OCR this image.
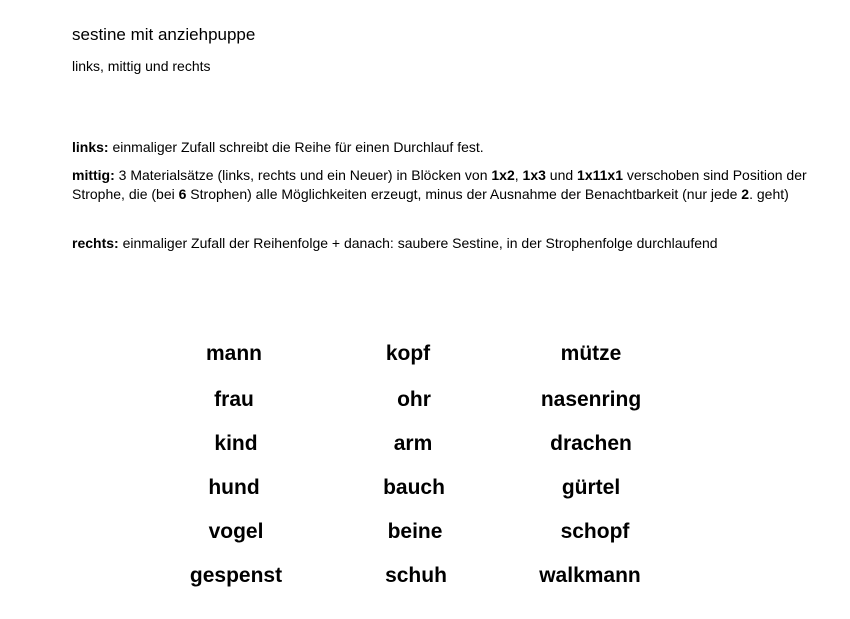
sestine mit anziehpuppe
links, mittig und rechts
links: einmaliger Zufall schreibt die Reihe für einen Durchlauf fest.
mittig: 3 Materialsätze (links, rechts und ein Neuer) in Blöcken von 1x2, 1x3 und 1x11x1 verschoben sind Position der Strophe, die (bei 6 Strophen) alle Möglichkeiten erzeugt, minus der Ausnahme der Benachtbarkeit (nur jede 2. geht)
rechts: einmaliger Zufall der Reihenfolge + danach: saubere Sestine, in der Strophenfolge durchlaufend
mann
frau
kind
hund
vogel
gespenst
kopf
ohr
arm
bauch
beine
schuh
mütze
nasenring
drachen
gürtel
schopf
walkmann
